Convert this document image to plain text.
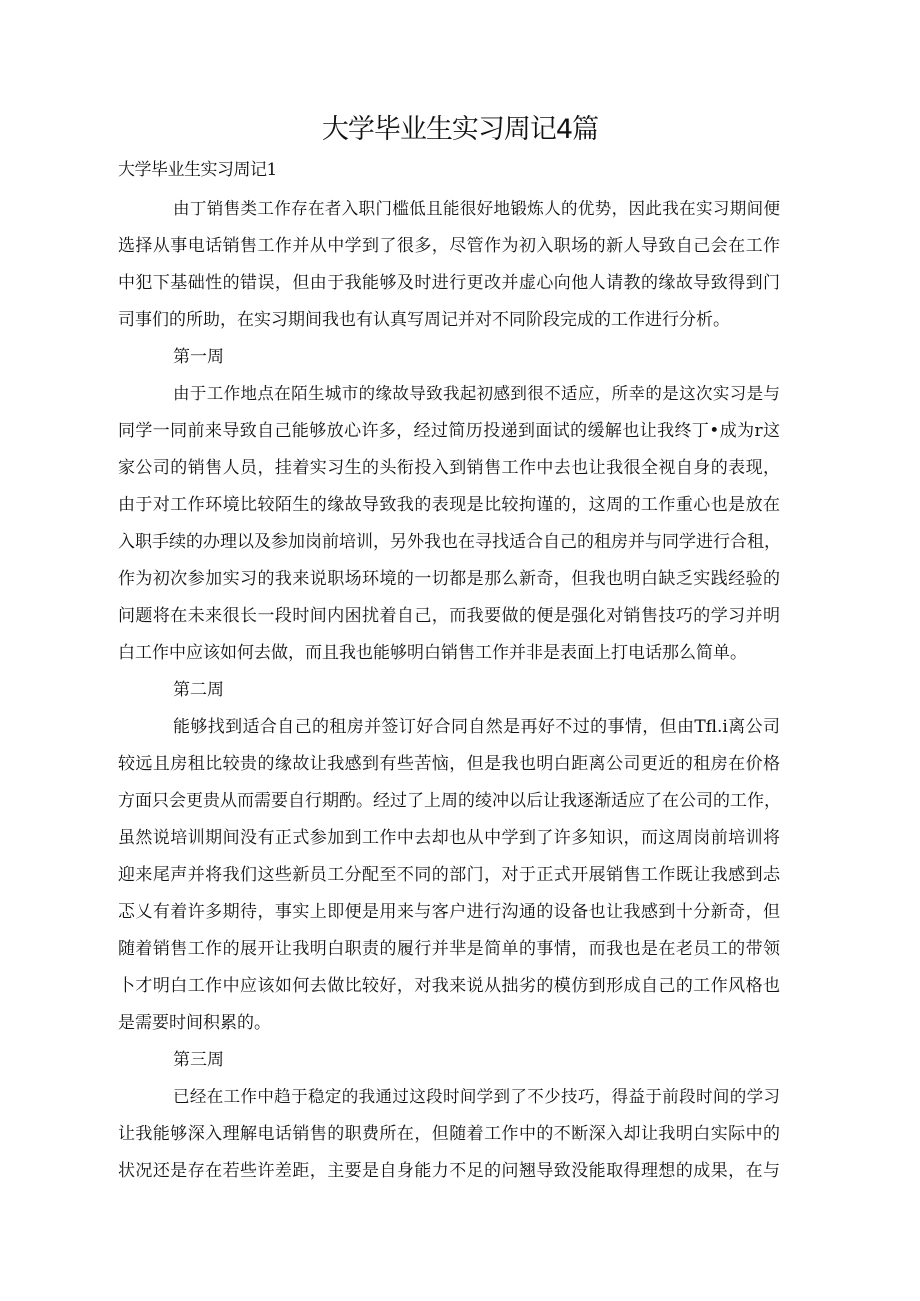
大学毕业生实习周记4篇
大学毕业生实习周记1
由丁销售类工作存在者入职门槛低且能很好地锻炼人的优势，因此我在实习期间便
选择从事电话销售工作并从中学到了很多，尽管作为初入职场的新人导致自己会在工作
中犯下基础性的错误，但由于我能够及时进行更改并虚心向他人请教的缘故导致得到门
司事们的所助，在实习期间我也有认真写周记并对不同阶段完成的工作进行分析。
第一周
由于工作地点在陌生城市的缘故导致我起初感到很不适应，所幸的是这次实习是与
同学一同前来导致自己能够放心许多，经过简历投递到面试的缓解也让我终丁•成为r这
家公司的销售人员，挂着实习生的头衔投入到销售工作中去也让我很全视自身的表现，
由于对工作环境比较陌生的缘故导致我的表现是比较拘谨的，这周的工作重心也是放在
入职手续的办理以及参加岗前培训，另外我也在寻找适合自己的租房并与同学进行合租，
作为初次参加实习的我来说职场环境的一切都是那么新奇，但我也明白缺乏实践经验的
问题将在未来很长一段时间内困扰着自己，而我要做的便是强化对销售技巧的学习并明
白工作中应该如何去做，而且我也能够明白销售工作并非是表面上打电话那么简单。
第二周
能够找到适合自己的租房并签订好合同自然是再好不过的事情，但由Tfl.i离公司
较远且房租比较贵的缘故让我感到有些苦恼，但是我也明白距离公司更近的租房在价格
方面只会更贵从而需要自行期酌。经过了上周的绫冲以后让我逐渐适应了在公司的工作，
虽然说培训期间没有正式参加到工作中去却也从中学到了许多知识，而这周岗前培训将
迎来尾声并将我们这些新员工分配至不同的部门，对于正式开展销售工作既让我感到忐
忑乂有着许多期待，事实上即便是用来与客户进行沟通的设备也让我感到十分新奇，但
随着销售工作的展开让我明白职责的履行并芈是简单的事情，而我也是在老员工的带领
卜才明白工作中应该如何去做比较好，对我来说从拙劣的模仿到形成自己的工作风格也
是需要时间积累的。
第三周
已经在工作中趋于稳定的我通过这段时间学到了不少技巧，得益于前段时间的学习
让我能够深入理解电话销售的职费所在，但随着工作中的不断深入却让我明白实际中的
状况还是存在若些许差距，主要是自身能力不足的问翘导致没能取得理想的成果，在与
